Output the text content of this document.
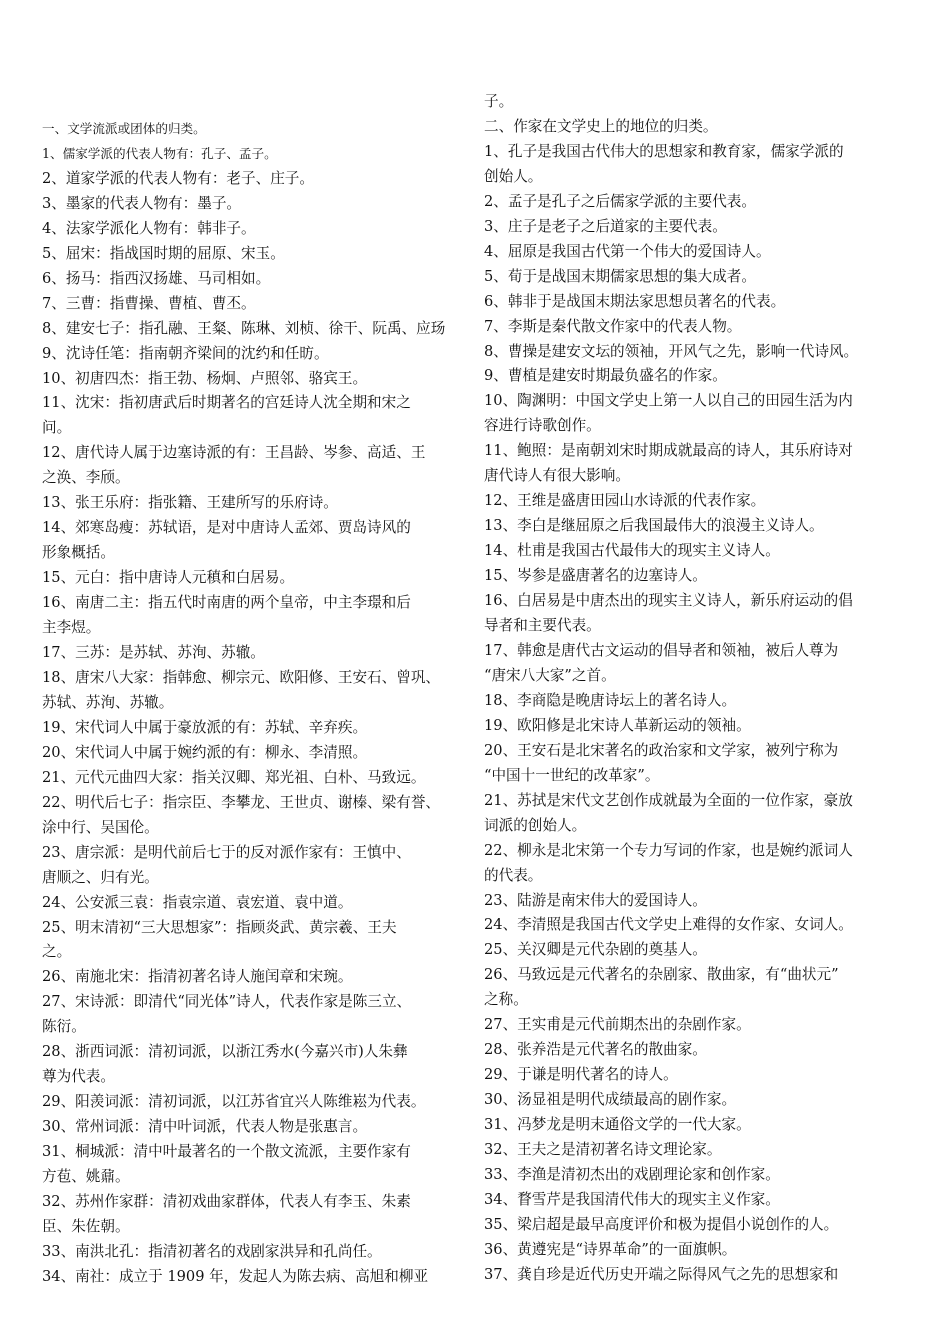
一、文学流派或团体的归类。

1、儒家学派的代表人物有：孔子、孟子。

2、道家学派的代表人物有：老子、庄子。

3、墨家的代表人物有：墨子。

4、法家学派化人物有：韩非子。

5、屈宋：指战国时期的屈原、宋玉。

6、扬马：指西汉扬雄、马司相如。

7、三曹：指曹操、曹植、曹丕。

8、建安七子：指孔融、王粲、陈琳、刘桢、徐干、阮禹、应玚

9、沈诗任笔：指南朝齐梁间的沈约和任昉。

10、初唐四杰：指王勃、杨炯、卢照邻、骆宾王。

11、沈宋：指初唐武后时期著名的宫廷诗人沈全期和宋之

问。

12、唐代诗人属于边塞诗派的有：王昌龄、岑参、高适、王

之涣、李颀。

13、张王乐府：指张籍、王建所写的乐府诗。

14、郊寒岛瘦：苏轼语，是对中唐诗人孟郊、贾岛诗风的

形象概括。

15、元白：指中唐诗人元稹和白居易。

16、南唐二主：指五代时南唐的两个皇帝，中主李璟和后

主李煜。

17、三苏：是苏轼、苏洵、苏辙。

18、唐宋八大家：指韩愈、柳宗元、欧阳修、王安石、曾巩、

苏轼、苏洵、苏辙。

19、宋代词人中属于豪放派的有：苏轼、辛弃疾。

20、宋代词人中属于婉约派的有：柳永、李清照。

21、元代元曲四大家：指关汉卿、郑光祖、白朴、马致远。

22、明代后七子：指宗臣、李攀龙、王世贞、谢榛、梁有誉、

涂中行、吴国伦。

23、唐宗派：是明代前后七于的反对派作家有：王慎中、

唐顺之、归有光。

24、公安派三袁：指袁宗道、袁宏道、袁中道。

25、明末清初“三大思想家”：指顾炎武、黄宗羲、王夫

之。

26、南施北宋：指清初著名诗人施闰章和宋琬。

27、宋诗派：即清代“同光体”诗人，代表作家是陈三立、

陈衍。

28、浙西词派：清初词派，以浙江秀水(今嘉兴市)人朱彝

尊为代表。

29、阳羡词派：清初词派，以江苏省宜兴人陈维崧为代表。

30、常州词派：清中叶词派，代表人物是张惠言。

31、桐城派：清中叶最著名的一个散文流派，主要作家有

方苞、姚鼐。

32、苏州作家群：清初戏曲家群体，代表人有李玉、朱素

臣、朱佐朝。

33、南洪北孔：指清初著名的戏剧家洪异和孔尚任。

34、南社：成立于 1909 年，发起人为陈去病、高旭和柳亚

子。

二、作家在文学史上的地位的归类。

1、孔子是我国古代伟大的思想家和教育家，儒家学派的

创始人。

2、孟子是孔子之后儒家学派的主要代表。

3、庄子是老子之后道家的主要代表。

4、屈原是我国古代第一个伟大的爱国诗人。

5、荀于是战国末期儒家思想的集大成者。

6、韩非于是战国末期法家思想员著名的代表。

7、李斯是秦代散文作家中的代表人物。

8、曹操是建安文坛的领袖，开风气之先，影响一代诗风。

9、曹植是建安时期最负盛名的作家。

10、陶渊明：中国文学史上第一人以自己的田园生活为内

容进行诗歌创作。

11、鲍照：是南朝刘宋时期成就最高的诗人，其乐府诗对

唐代诗人有很大影响。

12、王维是盛唐田园山水诗派的代表作家。

13、李白是继屈原之后我国最伟大的浪漫主义诗人。

14、杜甫是我国古代最伟大的现实主义诗人。

15、岑参是盛唐著名的边塞诗人。

16、白居易是中唐杰出的现实主义诗人，新乐府运动的倡

导者和主要代表。

17、韩愈是唐代古文运动的倡导者和领袖，被后人尊为

“唐宋八大家”之首。

18、李商隐是晚唐诗坛上的著名诗人。

19、欧阳修是北宋诗人革新运动的领袖。

20、王安石是北宋著名的政治家和文学家，被列宁称为

“中国十一世纪的改革家”。

21、苏拭是宋代文艺创作成就最为全面的一位作家，豪放

词派的创始人。

22、柳永是北宋第一个专力写词的作家，也是婉约派词人

的代表。

23、陆游是南宋伟大的爱国诗人。

24、李清照是我国古代文学史上难得的女作家、女词人。

25、关汉卿是元代杂剧的奠基人。

26、马致远是元代著名的杂剧家、散曲家，有“曲状元”

之称。

27、王实甫是元代前期杰出的杂剧作家。

28、张养浩是元代著名的散曲家。

29、于谦是明代著名的诗人。

30、汤显祖是明代成绩最高的剧作家。

31、冯梦龙是明末通俗文学的一代大家。

32、王夫之是清初著名诗文理论家。

33、李渔是清初杰出的戏剧理论家和创作家。

34、瞀雪芹是我国清代伟大的现实主义作家。

35、梁启超是最早高度评价和极为提倡小说创作的人。

36、黄遵宪是“诗界革命”的一面旗帜。

37、龚自珍是近代历史开端之际得风气之先的思想家和
